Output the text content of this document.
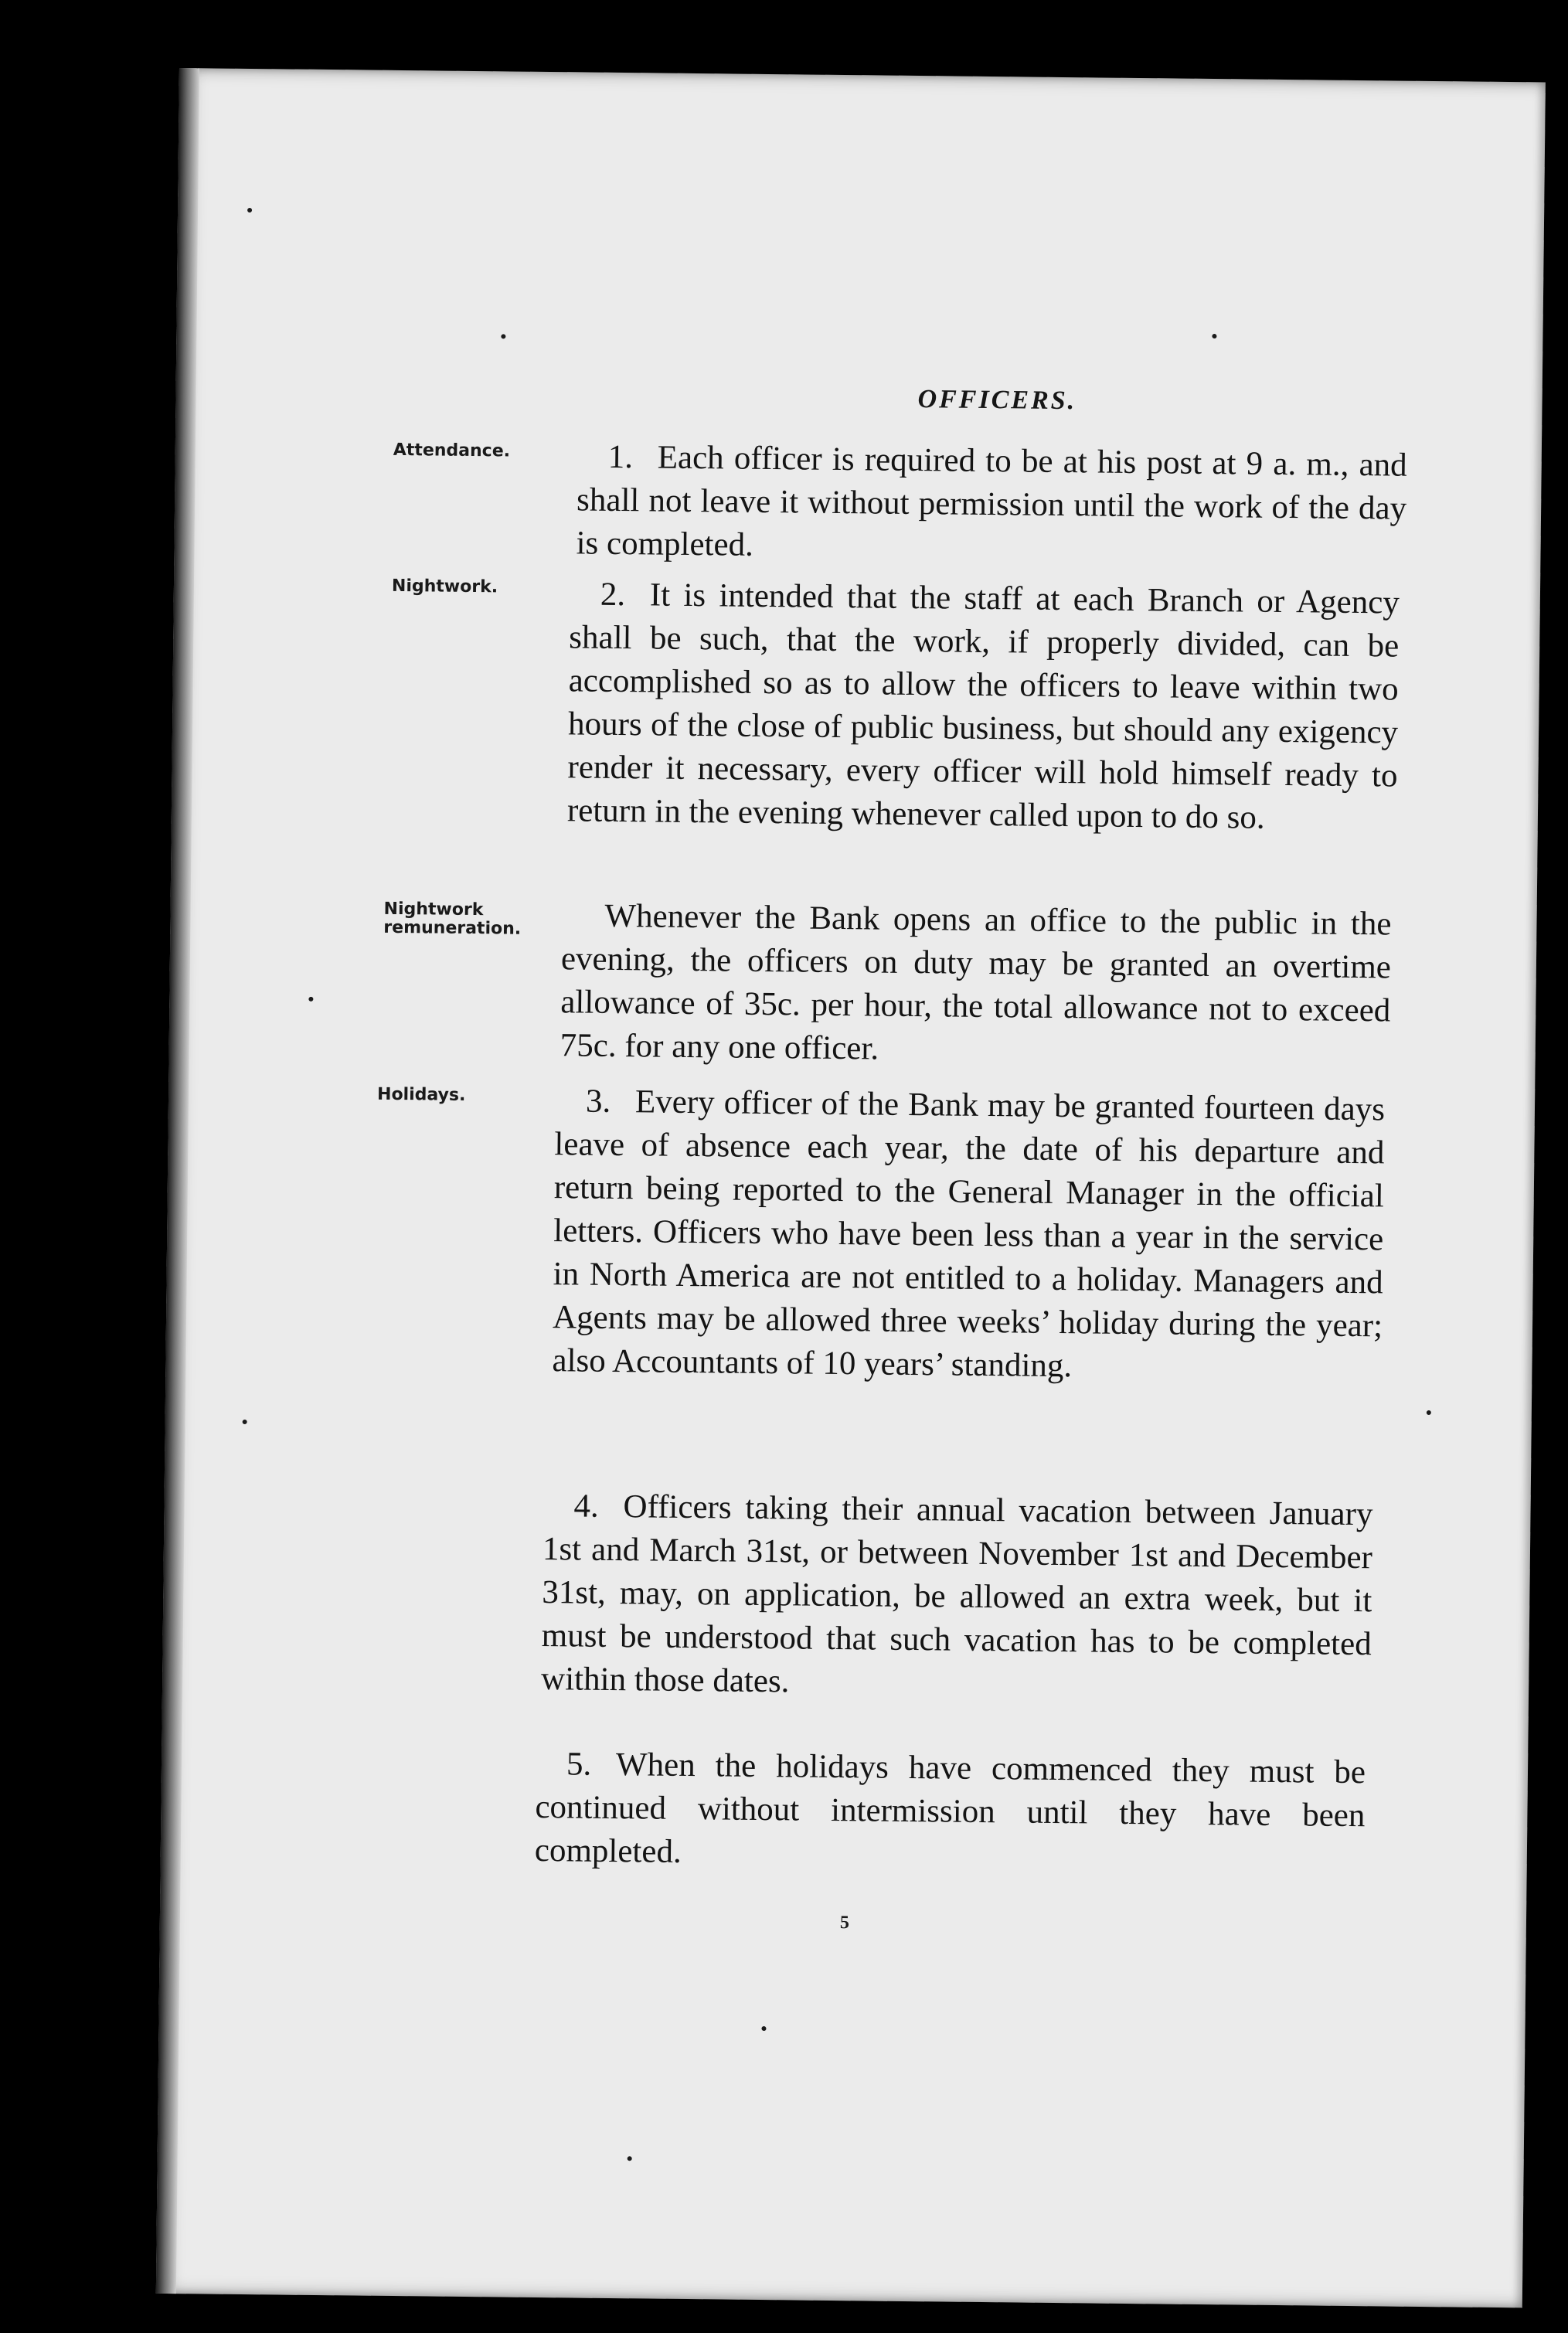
OFFICERS.
Attendance.
Nightwork.
Nightwork
remuneration.
Holidays.
1. Each officer is required to be at his post at 9 a. m., and shall not leave it without permission until the work of the day is completed.
2. It is intended that the staff at each Branch or Agency shall be such, that the work, if properly divided, can be accomplished so as to allow the officers to leave within two hours of the close of public business, but should any exigency render it necessary, every officer will hold himself ready to return in the evening whenever called upon to do so.
Whenever the Bank opens an office to the public in the evening, the officers on duty may be granted an overtime allowance of 35c. per hour, the total allowance not to exceed 75c. for any one officer.
3. Every officer of the Bank may be granted fourteen days leave of absence each year, the date of his departure and return being reported to the General Manager in the official letters. Officers who have been less than a year in the service in North America are not entitled to a holiday. Managers and Agents may be allowed three weeks’ holiday during the year; also Accountants of 10 years’ standing.
4. Officers taking their annual vacation between January 1st and March 31st, or between November 1st and December 31st, may, on application, be allowed an extra week, but it must be understood that such vacation has to be completed within those dates.
5. When the holidays have commenced they must be continued without intermission until they have been completed.
5
